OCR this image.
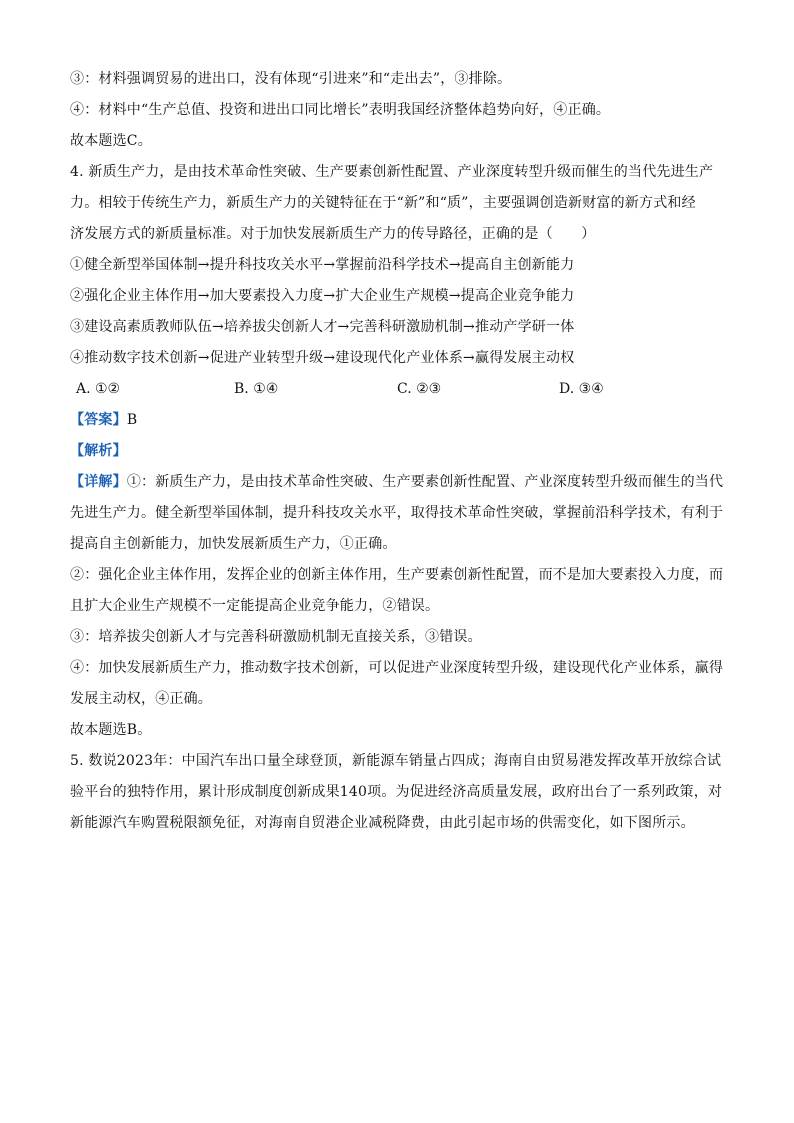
③：材料强调贸易的进出口，没有体现“引进来”和“走出去”，③排除。
④：材料中“生产总值、投资和进出口同比增长”表明我国经济整体趋势向好，④正确。
故本题选C。
4. 新质生产力，是由技术革命性突破、生产要素创新性配置、产业深度转型升级而催生的当代先进生产
力。相较于传统生产力，新质生产力的关键特征在于“新”和“质”，主要强调创造新财富的新方式和经
济发展方式的新质量标准。对于加快发展新质生产力的传导路径，正确的是（　　）
①健全新型举国体制→提升科技攻关水平→掌握前沿科学技术→提高自主创新能力
②强化企业主体作用→加大要素投入力度→扩大企业生产规模→提高企业竞争能力
③建设高素质教师队伍→培养拔尖创新人才→完善科研激励机制→推动产学研一体
④推动数字技术创新→促进产业转型升级→建设现代化产业体系→赢得发展主动权
A. ①②	B. ①④	C. ②③	D. ③④
【答案】B
【解析】
【详解】①：新质生产力，是由技术革命性突破、生产要素创新性配置、产业深度转型升级而催生的当代
先进生产力。健全新型举国体制，提升科技攻关水平，取得技术革命性突破，掌握前沿科学技术，有利于
提高自主创新能力，加快发展新质生产力，①正确。
②：强化企业主体作用，发挥企业的创新主体作用，生产要素创新性配置，而不是加大要素投入力度，而
且扩大企业生产规模不一定能提高企业竞争能力，②错误。
③：培养拔尖创新人才与完善科研激励机制无直接关系，③错误。
④：加快发展新质生产力，推动数字技术创新，可以促进产业深度转型升级，建设现代化产业体系，赢得
发展主动权，④正确。
故本题选B。
5. 数说2023年：中国汽车出口量全球登顶，新能源车销量占四成；海南自由贸易港发挥改革开放综合试
验平台的独特作用，累计形成制度创新成果140项。为促进经济高质量发展，政府出台了一系列政策，对
新能源汽车购置税限额免征，对海南自贸港企业减税降费，由此引起市场的供需变化，如下图所示。
